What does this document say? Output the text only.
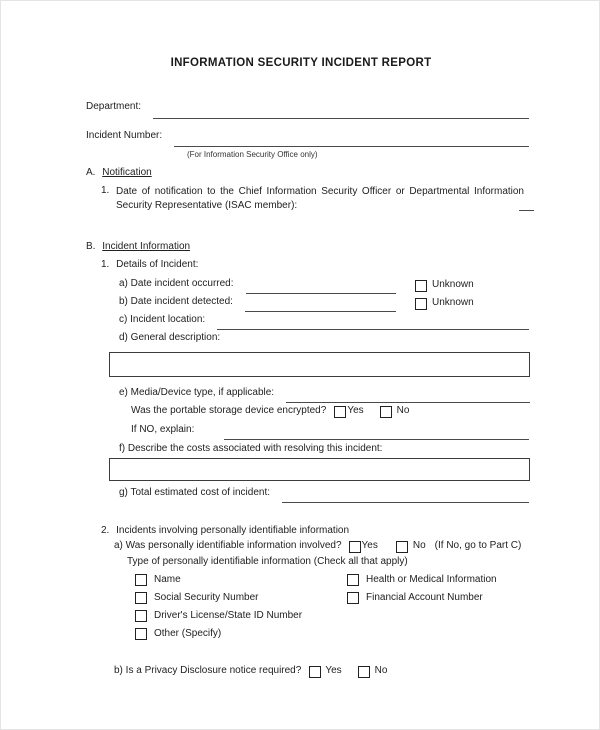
INFORMATION SECURITY INCIDENT REPORT
Department:
Incident Number:
(For Information Security Office only)
A. Notification
1. Date of notification to the Chief Information Security Officer or Departmental Information Security Representative (ISAC member):
B. Incident Information
1. Details of Incident:
a) Date incident occurred:	Unknown
b) Date incident detected:	Unknown
c) Incident location:
d) General description:
e) Media/Device type, if applicable:
Was the portable storage device encrypted? Yes	No
If NO, explain:
f) Describe the costs associated with resolving this incident:
g) Total estimated cost of incident:
2. Incidents involving personally identifiable information
a) Was personally identifiable information involved? Yes	No (If No, go to Part C)
Type of personally identifiable information (Check all that apply)
Name	Health or Medical Information
Social Security Number	Financial Account Number
Driver's License/State ID Number
Other (Specify)
b) Is a Privacy Disclosure notice required? Yes	No
